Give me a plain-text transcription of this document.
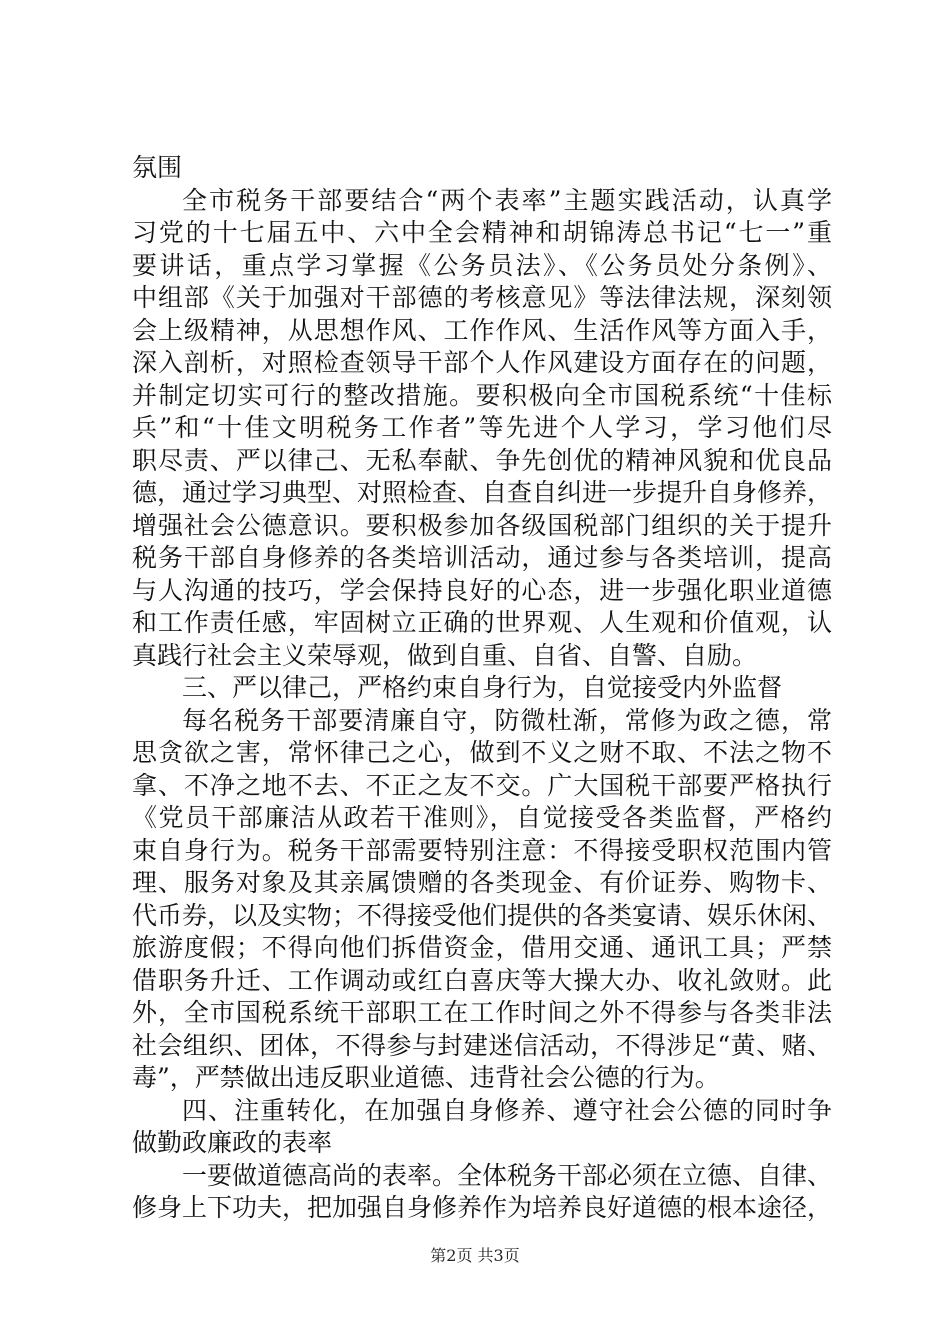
氛围
全市税务干部要结合“两个表率”主题实践活动，认真学
习党的十七届五中、六中全会精神和胡锦涛总书记“七一”重
要讲话，重点学习掌握《公务员法》、《公务员处分条例》、
中组部《关于加强对干部德的考核意见》等法律法规，深刻领
会上级精神，从思想作风、工作作风、生活作风等方面入手，
深入剖析，对照检查领导干部个人作风建设方面存在的问题，
并制定切实可行的整改措施。要积极向全市国税系统“十佳标
兵”和“十佳文明税务工作者”等先进个人学习，学习他们尽
职尽责、严以律己、无私奉献、争先创优的精神风貌和优良品
德，通过学习典型、对照检查、自查自纠进一步提升自身修养，
增强社会公德意识。要积极参加各级国税部门组织的关于提升
税务干部自身修养的各类培训活动，通过参与各类培训，提高
与人沟通的技巧，学会保持良好的心态，进一步强化职业道德
和工作责任感，牢固树立正确的世界观、人生观和价值观，认
真践行社会主义荣辱观，做到自重、自省、自警、自励。
三、严以律己，严格约束自身行为，自觉接受内外监督
每名税务干部要清廉自守，防微杜渐，常修为政之德，常
思贪欲之害，常怀律己之心，做到不义之财不取、不法之物不
拿、不净之地不去、不正之友不交。广大国税干部要严格执行
《党员干部廉洁从政若干准则》，自觉接受各类监督，严格约
束自身行为。税务干部需要特别注意：不得接受职权范围内管
理、服务对象及其亲属馈赠的各类现金、有价证券、购物卡、
代币券，以及实物；不得接受他们提供的各类宴请、娱乐休闲、
旅游度假；不得向他们拆借资金，借用交通、通讯工具；严禁
借职务升迁、工作调动或红白喜庆等大操大办、收礼敛财。此
外，全市国税系统干部职工在工作时间之外不得参与各类非法
社会组织、团体，不得参与封建迷信活动，不得涉足“黄、赌、
毒”，严禁做出违反职业道德、违背社会公德的行为。
四、注重转化，在加强自身修养、遵守社会公德的同时争
做勤政廉政的表率
一要做道德高尚的表率。全体税务干部必须在立德、自律、
修身上下功夫，把加强自身修养作为培养良好道德的根本途径，
第2页 共3页
